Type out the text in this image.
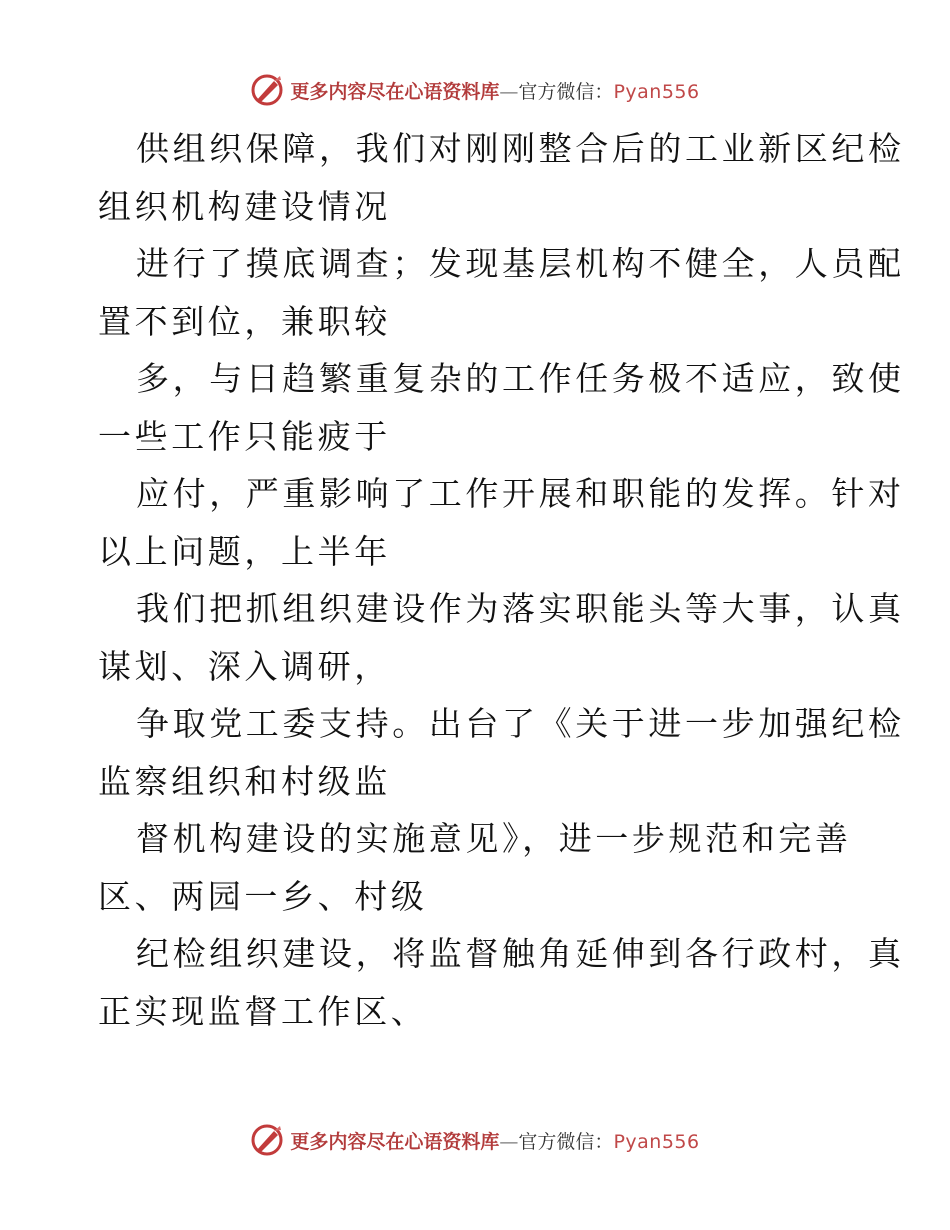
更多内容尽在心语资料库—官方微信：Pyan556

供组织保障，我们对刚刚整合后的工业新区纪检
组织机构建设情况

进行了摸底调查；发现基层机构不健全，人员配
置不到位，兼职较

多，与日趋繁重复杂的工作任务极不适应，致使
一些工作只能疲于

应付，严重影响了工作开展和职能的发挥。针对
以上问题，上半年

我们把抓组织建设作为落实职能头等大事，认真
谋划、深入调研，

争取党工委支持。出台了《关于进一步加强纪检
监察组织和村级监

督机构建设的实施意见》，进一步规范和完善
区、两园一乡、村级

纪检组织建设，将监督触角延伸到各行政村，真
正实现监督工作区、

更多内容尽在心语资料库—官方微信：Pyan556
